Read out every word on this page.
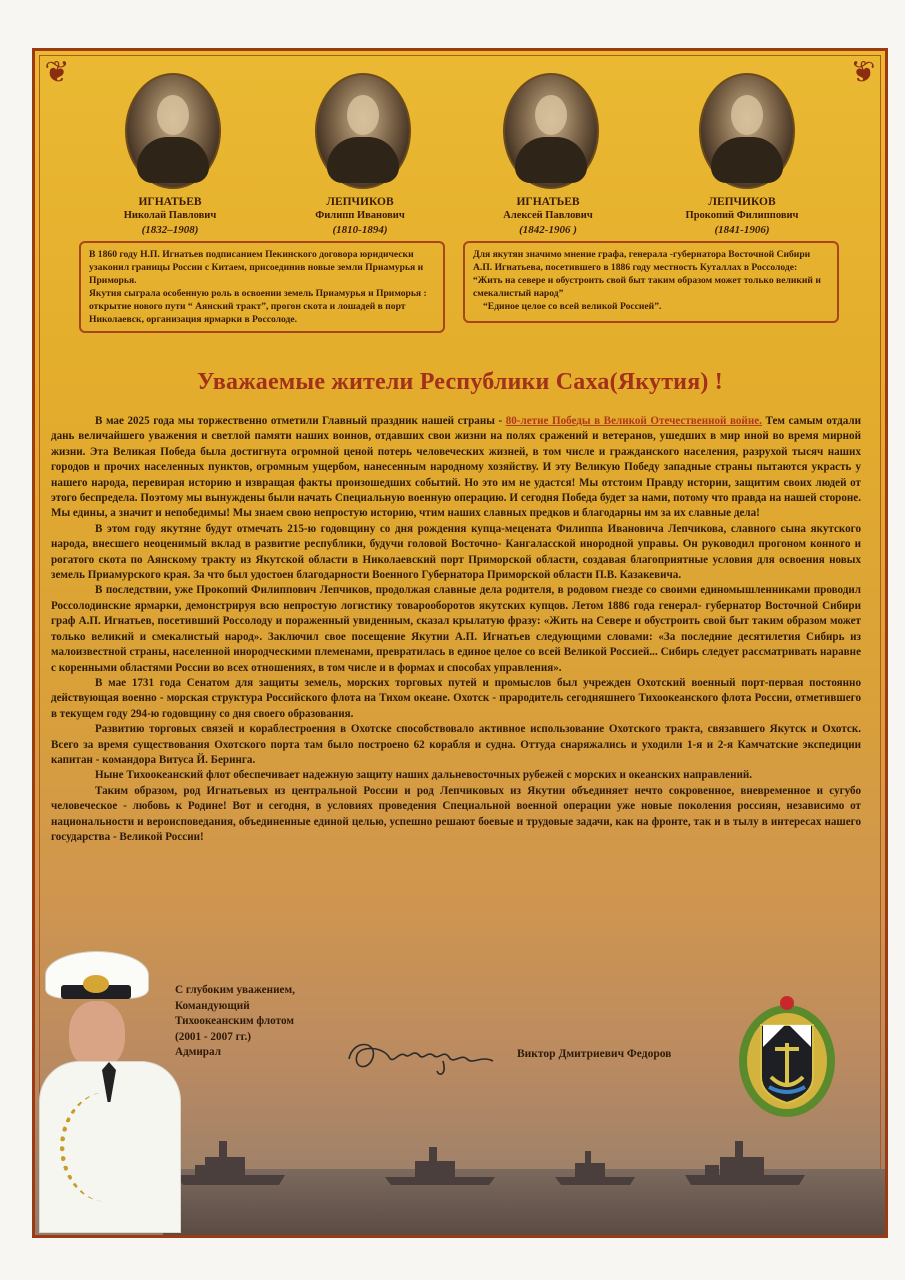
❦	❦
ИГНАТЬЕВ
Николай Павлович
(1832–1908)
ЛЕПЧИКОВ
Филипп Иванович
(1810-1894)
ИГНАТЬЕВ
Алексей Павлович
(1842-1906 )
ЛЕПЧИКОВ
Прокопий Филиппович
(1841-1906)

В 1860 году Н.П. Игнатьев подписанием Пекинского договора юридически узаконил границы России с Китаем, присоединив новые земли Приамурья и Приморья.

Якутия сыграла особенную роль в освоении земель Приамурья и Приморья : открытие нового пути “ Аянский тракт”, прогон скота и лошадей в порт Николаевск, организация ярмарки в Россолоде.

Для якутян значимо мнение графа, генерала -губернатора Восточной Сибири А.П. Игнатьева, посетившего в 1886 году местность Куталлах в Россолоде: “Жить на севере и обустроить свой быт таким образом может только великий и смекалистый народ”

“Единое целое со всей великой Россией”.

Уважаемые жители Республики Саха(Якутия) !

В мае 2025 года мы торжественно отметили Главный праздник нашей страны - 80-летие Победы в Великой Отечественной войне. Тем самым отдали дань величайшего уважения и светлой памяти наших воинов, отдавших свои жизни на полях сражений и ветеранов, ушедших в мир иной во время мирной жизни. Эта Великая Победа была достигнута огромной ценой потерь человеческих жизней, в том числе и гражданского населения, разрухой тысяч наших городов и прочих населенных пунктов, огромным ущербом, нанесенным народному хозяйству. И эту Великую Победу западные страны пытаются украсть у нашего народа, перевирая историю и извращая факты произошедших событий. Но это им не удастся! Мы отстоим Правду истории, защитим своих людей от этого беспредела. Поэтому мы вынуждены были начать Специальную военную операцию. И сегодня Победа будет за нами, потому что правда на нашей стороне. Мы едины, а значит и непобедимы! Мы знаем свою непростую историю, чтим наших славных предков и благодарны им за их славные дела!

В этом году якутяне будут отмечать 215-ю годовщину со дня рождения купца-мецената Филиппа Ивановича Лепчикова, славного сына якутского народа, внесшего неоценимый вклад в развитие республики, будучи головой Восточно- Кангаласской инородной управы. Он руководил прогоном конного и рогатого скота по Аянскому тракту из Якутской области в Николаевский порт Приморской области, создавая благоприятные условия для освоения новых земель Приамурского края. За что был удостоен благодарности Военного Губернатора Приморской области П.В. Казакевича.

В последствии, уже Прокопий Филиппович Лепчиков, продолжая славные дела родителя, в родовом гнезде со своими единомышленниками проводил Россолодинские ярмарки, демонстрируя всю непростую логистику товарооборотов якутских купцов. Летом 1886 года генерал- губернатор Восточной Сибири граф А.П. Игнатьев, посетивший Россолоду и пораженный увиденным, сказал крылатую фразу: «Жить на Севере и обустроить свой быт таким образом может только великий и смекалистый народ». Заключил свое посещение Якутии А.П. Игнатьев следующими словами: «За последние десятилетия Сибирь из малоизвестной страны, населенной инородческими племенами, превратилась в единое целое со всей Великой Россией... Сибирь следует рассматривать наравне с коренными областями России во всех отношениях, в том числе и в формах и способах управления».

В мае 1731 года Сенатом для защиты земель, морских торговых путей и промыслов был учрежден Охотский военный порт-первая постоянно действующая военно - морская структура Российского флота на Тихом океане. Охотск - прародитель сегодняшнего Тихоокеанского флота России, отметившего в текущем году 294-ю годовщину со дня своего образования.

Развитию торговых связей и кораблестроения в Охотске способствовало активное использование Охотского тракта, связавшего Якутск и Охотск. Всего за время существования Охотского порта там было построено 62 корабля и судна. Оттуда снаряжались и уходили 1-я и 2-я Камчатские экспедиции капитан - командора Витуса Й. Беринга.

Ныне Тихоокеанский флот обеспечивает надежную защиту наших дальневосточных рубежей с морских и океанских направлений.

Таким образом, род Игнатьевых из центральной России и род Лепчиковых из Якутии объединяет нечто сокровенное, вневременное и сугубо человеческое - любовь к Родине! Вот и сегодня, в условиях проведения Специальной военной операции уже новые поколения россиян, независимо от национальности и вероисповедания, объединенные единой целью, успешно решают боевые и трудовые задачи, как на фронте, так и в тылу в интересах нашего государства - Великой России!

С глубоким уважением,
Командующий
Тихоокеанским флотом
(2001 - 2007 гг.)
Адмирал	Виктор Дмитриевич Федоров
